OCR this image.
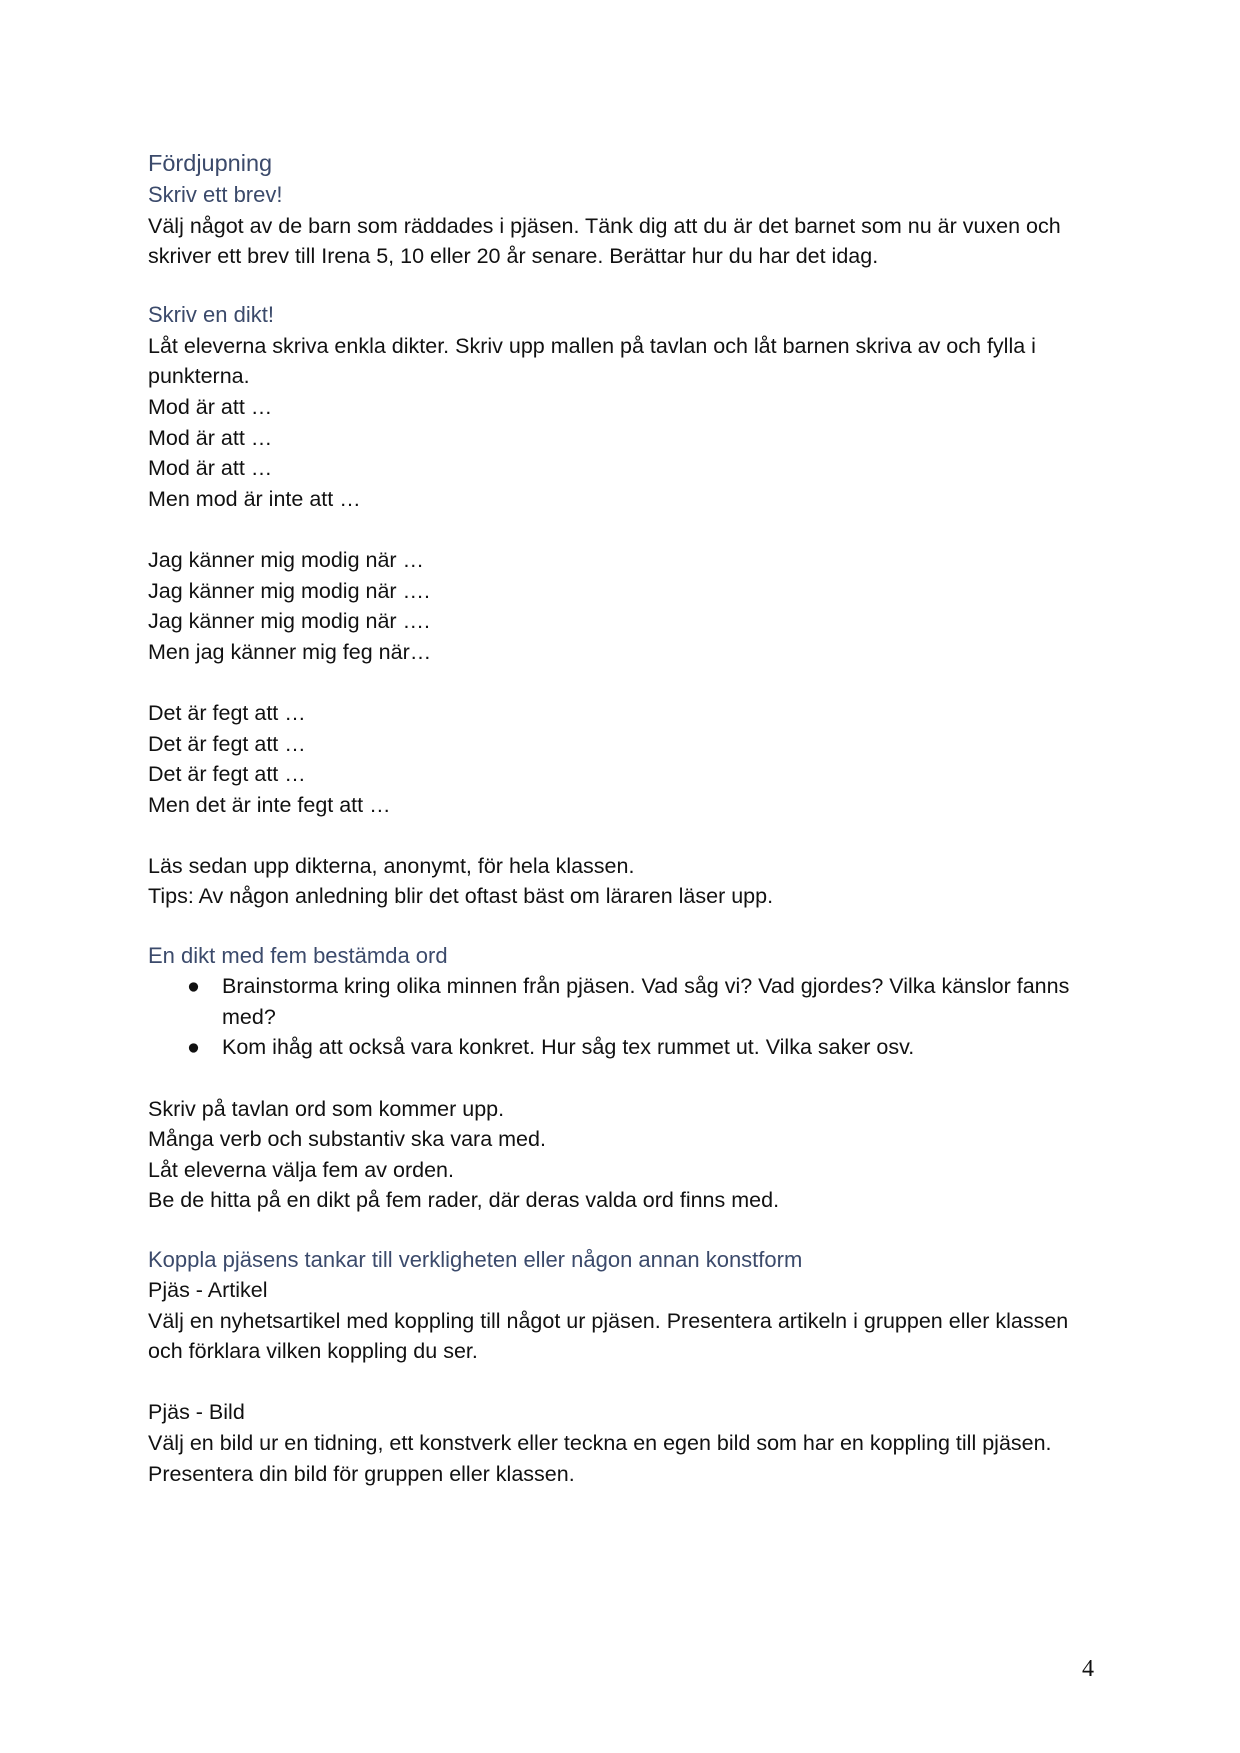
Fördjupning
Skriv ett brev!

Välj något av de barn som räddades i pjäsen. Tänk dig att du är det barnet som nu är vuxen och skriver ett brev till Irena 5, 10 eller 20 år senare. Berättar hur du har det idag.

Skriv en dikt!

Låt eleverna skriva enkla dikter. Skriv upp mallen på tavlan och låt barnen skriva av och fylla i punkterna.

Mod är att …

Mod är att …

Mod är att …

Men mod är inte att …

Jag känner mig modig när …

Jag känner mig modig när ….

Jag känner mig modig när ….

Men jag känner mig feg när…

Det är fegt att …

Det är fegt att …

Det är fegt att …

Men det är inte fegt att …

Läs sedan upp dikterna, anonymt, för hela klassen.

Tips: Av någon anledning blir det oftast bäst om läraren läser upp.

En dikt med fem bestämda ord
● Brainstorma kring olika minnen från pjäsen. Vad såg vi? Vad gjordes? Vilka känslor fanns med?
● Kom ihåg att också vara konkret. Hur såg tex rummet ut. Vilka saker osv.

Skriv på tavlan ord som kommer upp.

Många verb och substantiv ska vara med.

Låt eleverna välja fem av orden.

Be de hitta på en dikt på fem rader, där deras valda ord finns med.

Koppla pjäsens tankar till verkligheten eller någon annan konstform

Pjäs - Artikel

Välj en nyhetsartikel med koppling till något ur pjäsen. Presentera artikeln i gruppen eller klassen och förklara vilken koppling du ser.

Pjäs - Bild

Välj en bild ur en tidning, ett konstverk eller teckna en egen bild som har en koppling till pjäsen. Presentera din bild för gruppen eller klassen.

4
